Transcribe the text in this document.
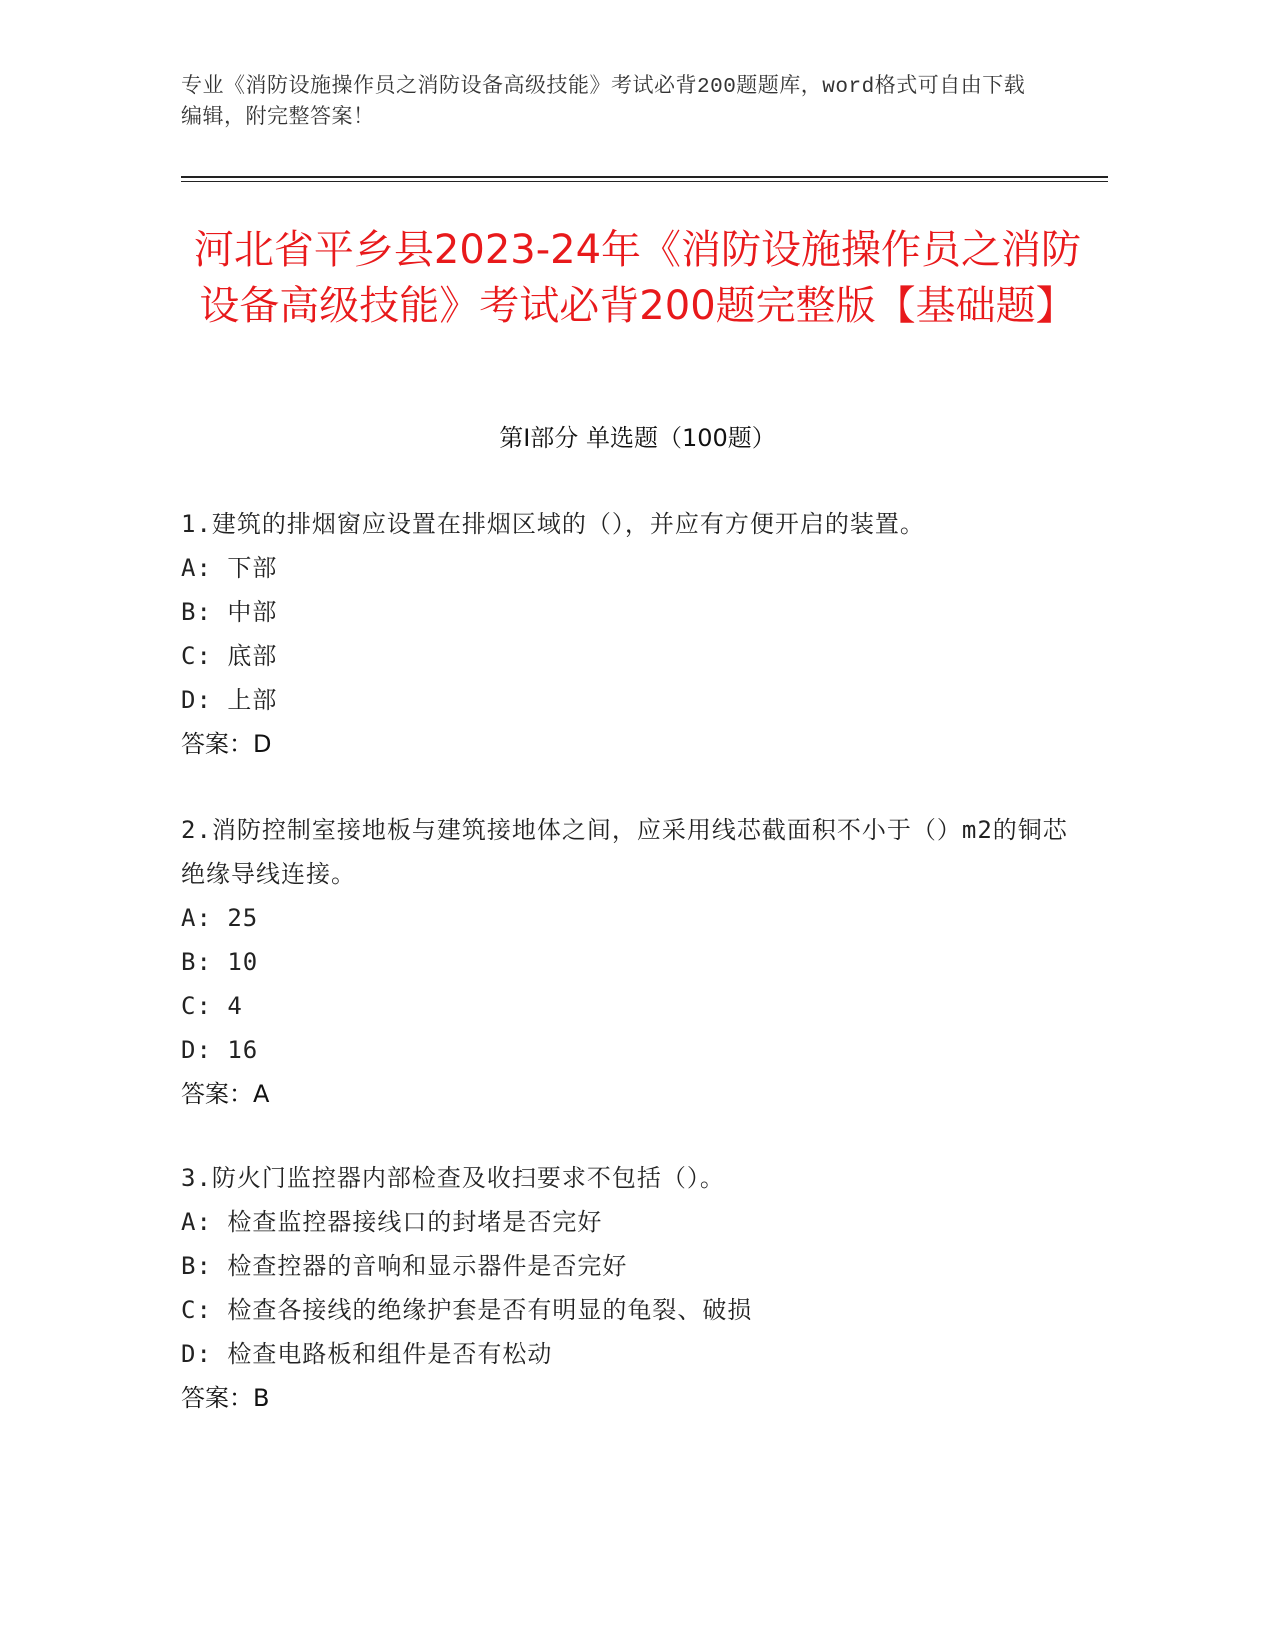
专业《消防设施操作员之消防设备高级技能》考试必背200题题库，word格式可自由下载编辑，附完整答案！
河北省平乡县2023-24年《消防设施操作员之消防设备高级技能》考试必背200题完整版【基础题】
第I部分 单选题（100题）
1.建筑的排烟窗应设置在排烟区域的（），并应有方便开启的装置。
A: 下部
B: 中部
C: 底部
D: 上部
答案：D
2.消防控制室接地板与建筑接地体之间，应采用线芯截面积不小于（）m2的铜芯绝缘导线连接。
A: 25
B: 10
C: 4
D: 16
答案：A
3.防火门监控器内部检查及收扫要求不包括（）。
A: 检查监控器接线口的封堵是否完好
B: 检查控器的音响和显示器件是否完好
C: 检查各接线的绝缘护套是否有明显的龟裂、破损
D: 检查电路板和组件是否有松动
答案：B
